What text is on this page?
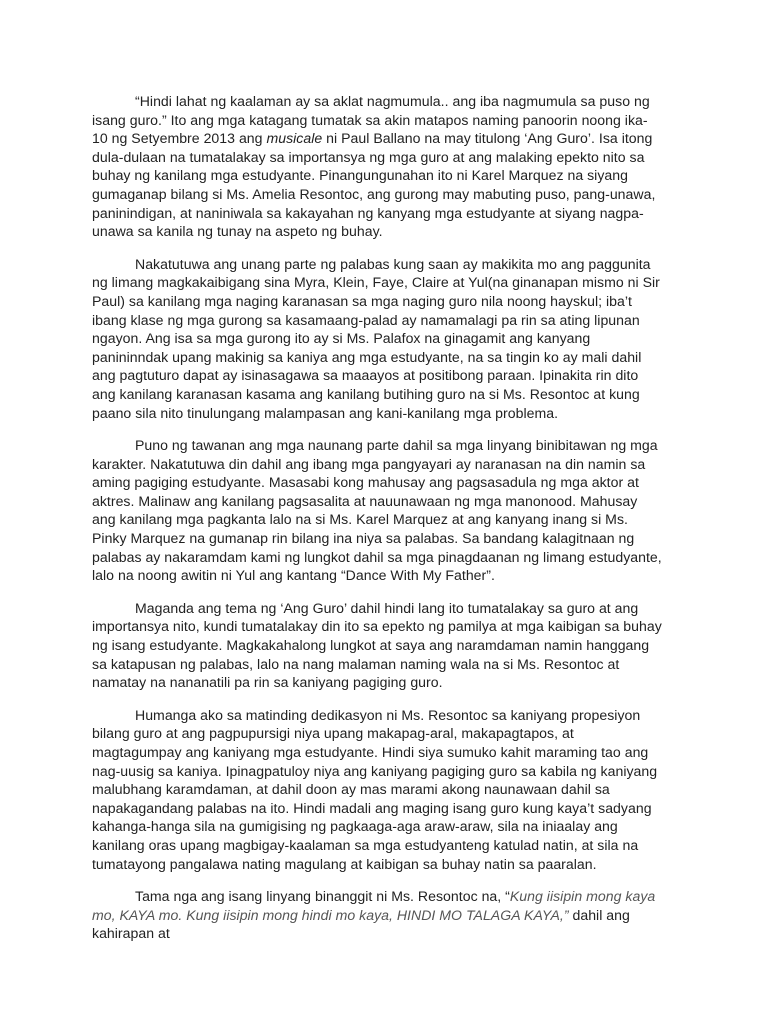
“Hindi lahat ng kaalaman ay sa aklat nagmumula.. ang iba nagmumula sa puso ng isang guro.” Ito ang mga katagang tumatak sa akin matapos naming panoorin noong ika-10 ng Setyembre 2013 ang musicale ni Paul Ballano na may titulong ‘Ang Guro’. Isa itong dula-dulaan na tumatalakay sa importansya ng mga guro at ang malaking epekto nito sa buhay ng kanilang mga estudyante. Pinangungunahan ito ni Karel Marquez na siyang gumaganap bilang si Ms. Amelia Resontoc, ang gurong may mabuting puso, pang-unawa, paninindigan, at naniniwala sa kakayahan ng kanyang mga estudyante at siyang nagpa-unawa sa kanila ng tunay na aspeto ng buhay.

Nakatutuwa ang unang parte ng palabas kung saan ay makikita mo ang paggunita ng limang magkakaibigang sina Myra, Klein, Faye, Claire at Yul(na ginanapan mismo ni Sir Paul) sa kanilang mga naging karanasan sa mga naging guro nila noong hayskul; iba’t ibang klase ng mga gurong sa kasamaang-palad ay namamalagi pa rin sa ating lipunan ngayon. Ang isa sa mga gurong ito ay si Ms. Palafox na ginagamit ang kanyang panininndak upang makinig sa kaniya ang mga estudyante, na sa tingin ko ay mali dahil ang pagtuturo dapat ay isinasagawa sa maaayos at positibong paraan. Ipinakita rin dito ang kanilang karanasan kasama ang kanilang butihing guro na si Ms. Resontoc at kung paano sila nito tinulungang malampasan ang kani-kanilang mga problema.

Puno ng tawanan ang mga naunang parte dahil sa mga linyang binibitawan ng mga karakter. Nakatutuwa din dahil ang ibang mga pangyayari ay naranasan na din namin sa aming pagiging estudyante. Masasabi kong mahusay ang pagsasadula ng mga aktor at aktres. Malinaw ang kanilang pagsasalita at nauunawaan ng mga manonood. Mahusay ang kanilang mga pagkanta lalo na si Ms. Karel Marquez at ang kanyang inang si Ms. Pinky Marquez na gumanap rin bilang ina niya sa palabas. Sa bandang kalagitnaan ng palabas ay nakaramdam kami ng lungkot dahil sa mga pinagdaanan ng limang estudyante, lalo na noong awitin ni Yul ang kantang “Dance With My Father”.

Maganda ang tema ng ‘Ang Guro’ dahil hindi lang ito tumatalakay sa guro at ang importansya nito, kundi tumatalakay din ito sa epekto ng pamilya at mga kaibigan sa buhay ng isang estudyante. Magkakahalong lungkot at saya ang naramdaman namin hanggang sa katapusan ng palabas, lalo na nang malaman naming wala na si Ms. Resontoc at namatay na nananatili pa rin sa kaniyang pagiging guro.

Humanga ako sa matinding dedikasyon ni Ms. Resontoc sa kaniyang propesiyon bilang guro at ang pagpupursigi niya upang makapag-aral, makapagtapos, at magtagumpay ang kaniyang mga estudyante. Hindi siya sumuko kahit maraming tao ang nag-uusig sa kaniya. Ipinagpatuloy niya ang kaniyang pagiging guro sa kabila ng kaniyang malubhang karamdaman, at dahil doon ay mas marami akong naunawaan dahil sa napakagandang palabas na ito. Hindi madali ang maging isang guro kung kaya’t sadyang kahanga-hanga sila na gumigising ng pagkaaga-aga araw-araw, sila na iniaalay ang kanilang oras upang magbigay-kaalaman sa mga estudyanteng katulad natin, at sila na tumatayong pangalawa nating magulang at kaibigan sa buhay natin sa paaralan.

Tama nga ang isang linyang binanggit ni Ms. Resontoc na, “Kung iisipin mong kaya mo, KAYA mo. Kung iisipin mong hindi mo kaya, HINDI MO TALAGA KAYA,” dahil ang kahirapan at
